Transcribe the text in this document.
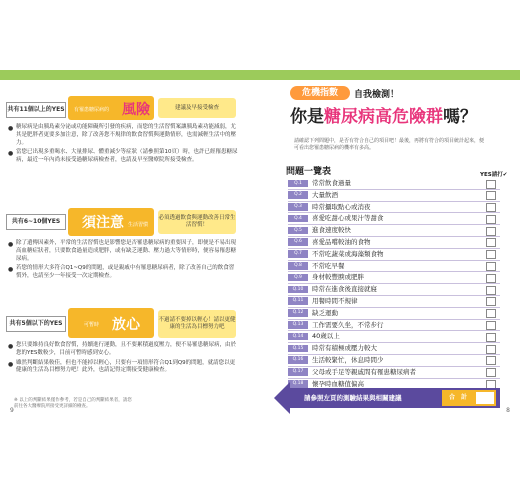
共有11個以上的YES 有罹患糖尿病的 風險	建議及早接受檢查
● 糖尿病是由胰島素分泌或功能障礙所引發的疾病，而您的生活習慣案讓胰島素功能減弱，尤其是肥胖者更要多加注意，除了改善您不規律的飲食習慣與運動情形，也需減輕生活中的壓力。
● 當您已出現多重喝水、大量排尿、體重減少等症狀（請參照第10頁）時，也許已經罹患糖尿病，最近一年內尚未接受過糖尿病檢查者，也請及早至醫療院所接受檢查。
共有6~10個YES	須注意 生活習慣
必須透過飲食與運動改善日常生活習慣！
● 除了遺傳因素外，平常的生活習慣也是影響您是否罹患糖尿病的重要因子，即便是不易出現高血糖症狀者，只要飲食過量造成肥胖，或有缺乏運動、壓力過大等情形時，便容易罹患糖尿病。
● 若您的情形大多符合Q1~Q9的問題，或是親戚中有罹患糖尿病者，除了改善自己的飲食習慣外，也請至少一年接受一次定期檢查。
共有5個以下的YES	可暫時 放心	不過請不要掉以輕心！請以更健康的生活為目標努力吧
● 您只要維持良好飲食習慣，持續進行運動，且不要累積過度壓力，便不易罹患糖尿病，由於您的YES數較少，目前可暫時感到安心。
● 雖然判斷結果較佳，但也不能掉以輕心，只要有一項情形符合Q1到Q9的問題，就請您以更健康的生活為目標努力吧！此外，也請記得定期接受健康檢查。
※ 以上的判斷結果僅作參考，若是自己的判斷結果者，請您前往各大醫療院所接受更詳細的檢查。
9
危機指數	自我檢測！
你是糖尿病高危險群嗎？
請確認下列問題中，是否有符合自己的項目吧！最後，再將有符合的項目統計起來，便可看出您罹患糖尿病的機率有多高。
問題一覽表	YES請打✔
Q.1	常常飲食過量
Q.2	大量飲酒
Q.3	時常攝取點心或消夜
Q.4	喜愛吃甜心或果汁等甜食
Q.5	進食速度較快
Q.6	喜愛品嚐較油的食物
Q.7	不常吃蔬菜或海藻類食物
Q.8	不常吃早餐
Q.9	身材較豐腴或肥胖
Q.10	時常在進食後直接就寢
Q.11	用餐時間不規律
Q.12	缺乏運動
Q.13	工作需要久坐，不常步行
Q.14	40歲以上
Q.15	時常有積極或壓力較大
Q.16	生活較緊忙，休息時間少
Q.17	父母或手足等親戚間有罹患糖尿病者
Q.18	懷孕時血糖值偏高
請參照左頁的測驗結果與相關建議	合　計
8
